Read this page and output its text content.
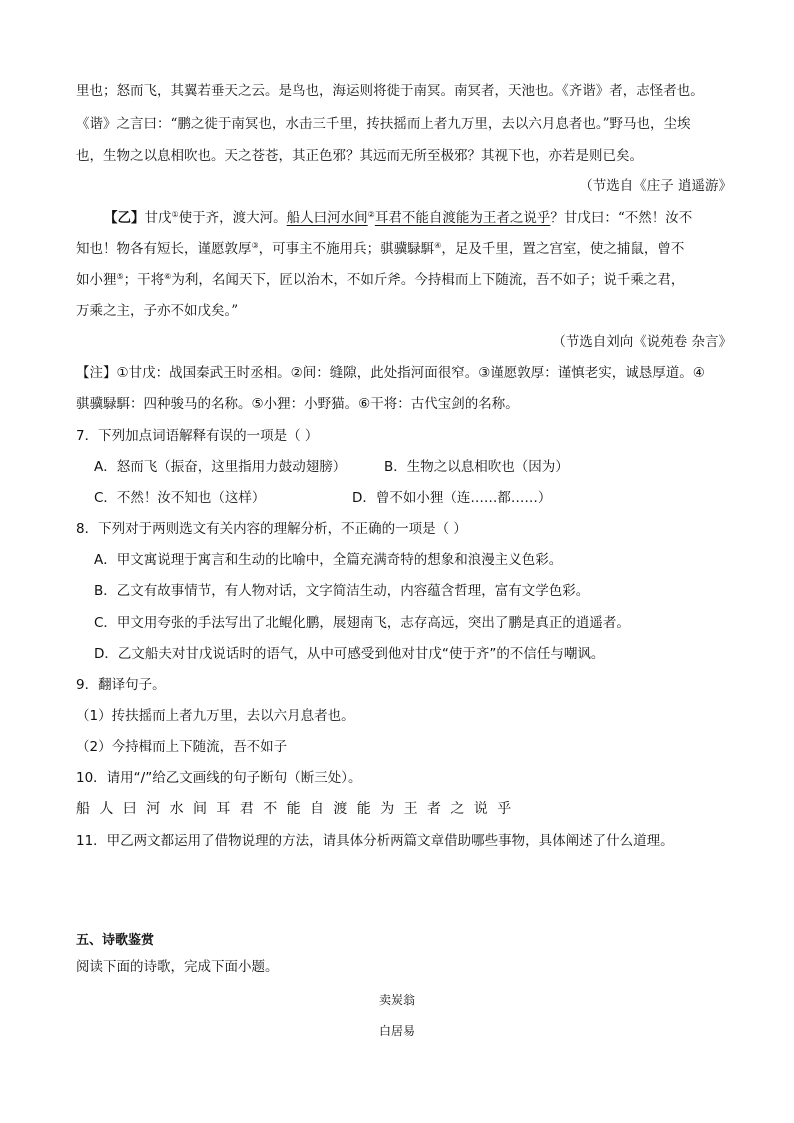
里也；怒而飞，其翼若垂天之云。是鸟也，海运则将徙于南冥。南冥者，天池也。《齐谐》者，志怪者也。
《谐》之言曰：“鹏之徙于南冥也，水击三千里，抟扶摇而上者九万里，去以六月息者也。”野马也，尘埃
也，生物之以息相吹也。天之苍苍，其正色邪？其远而无所至极邪？其视下也，亦若是则已矣。
（节选自《庄子 逍遥游》
【乙】甘戊①使于齐，渡大河。船人曰河水间②耳君不能自渡能为王者之说乎？甘戊曰：“不然！汝不
知也！物各有短长，谨愿敦厚③，可事主不施用兵；骐骥騄駬④，足及千里，置之宫室，使之捕鼠，曾不
如小狸⑤；干将⑥为利，名闻天下，匠以治木，不如斤斧。今持楫而上下随流，吾不如子；说千乘之君，
万乘之主，子亦不如戊矣。”
（节选自刘向《说苑卷 杂言》
【注】①甘戊：战国秦武王时丞相。②间：缝隙，此处指河面很窄。③谨愿敦厚：谨慎老实，诚恳厚道。④
骐骥騄駬：四种骏马的名称。⑤小狸：小野猫。⑥干将：古代宝剑的名称。
7．下列加点词语解释有误的一项是（ ）
A．怒而飞（振奋，这里指用力鼓动翅膀）	B．生物之以息相吹也（因为）
C．不然！汝不知也（这样）	D．曾不如小狸（连……都……）
8．下列对于两则选文有关内容的理解分析，不正确的一项是（ ）
A．甲文寓说理于寓言和生动的比喻中，全篇充满奇特的想象和浪漫主义色彩。
B．乙文有故事情节，有人物对话，文字简洁生动，内容蕴含哲理，富有文学色彩。
C．甲文用夸张的手法写出了北鲲化鹏，展翅南飞，志存高远，突出了鹏是真正的逍遥者。
D．乙文船夫对甘戊说话时的语气，从中可感受到他对甘戊“使于齐”的不信任与嘲讽。
9．翻译句子。
（1）抟扶摇而上者九万里，去以六月息者也。
（2）今持楫而上下随流，吾不如子
10．请用“/”给乙文画线的句子断句（断三处）。
船人曰河水间耳君不能自渡能为王者之说乎
11．甲乙两文都运用了借物说理的方法，请具体分析两篇文章借助哪些事物，具体阐述了什么道理。
五、诗歌鉴赏
阅读下面的诗歌，完成下面小题。
卖炭翁
白居易
